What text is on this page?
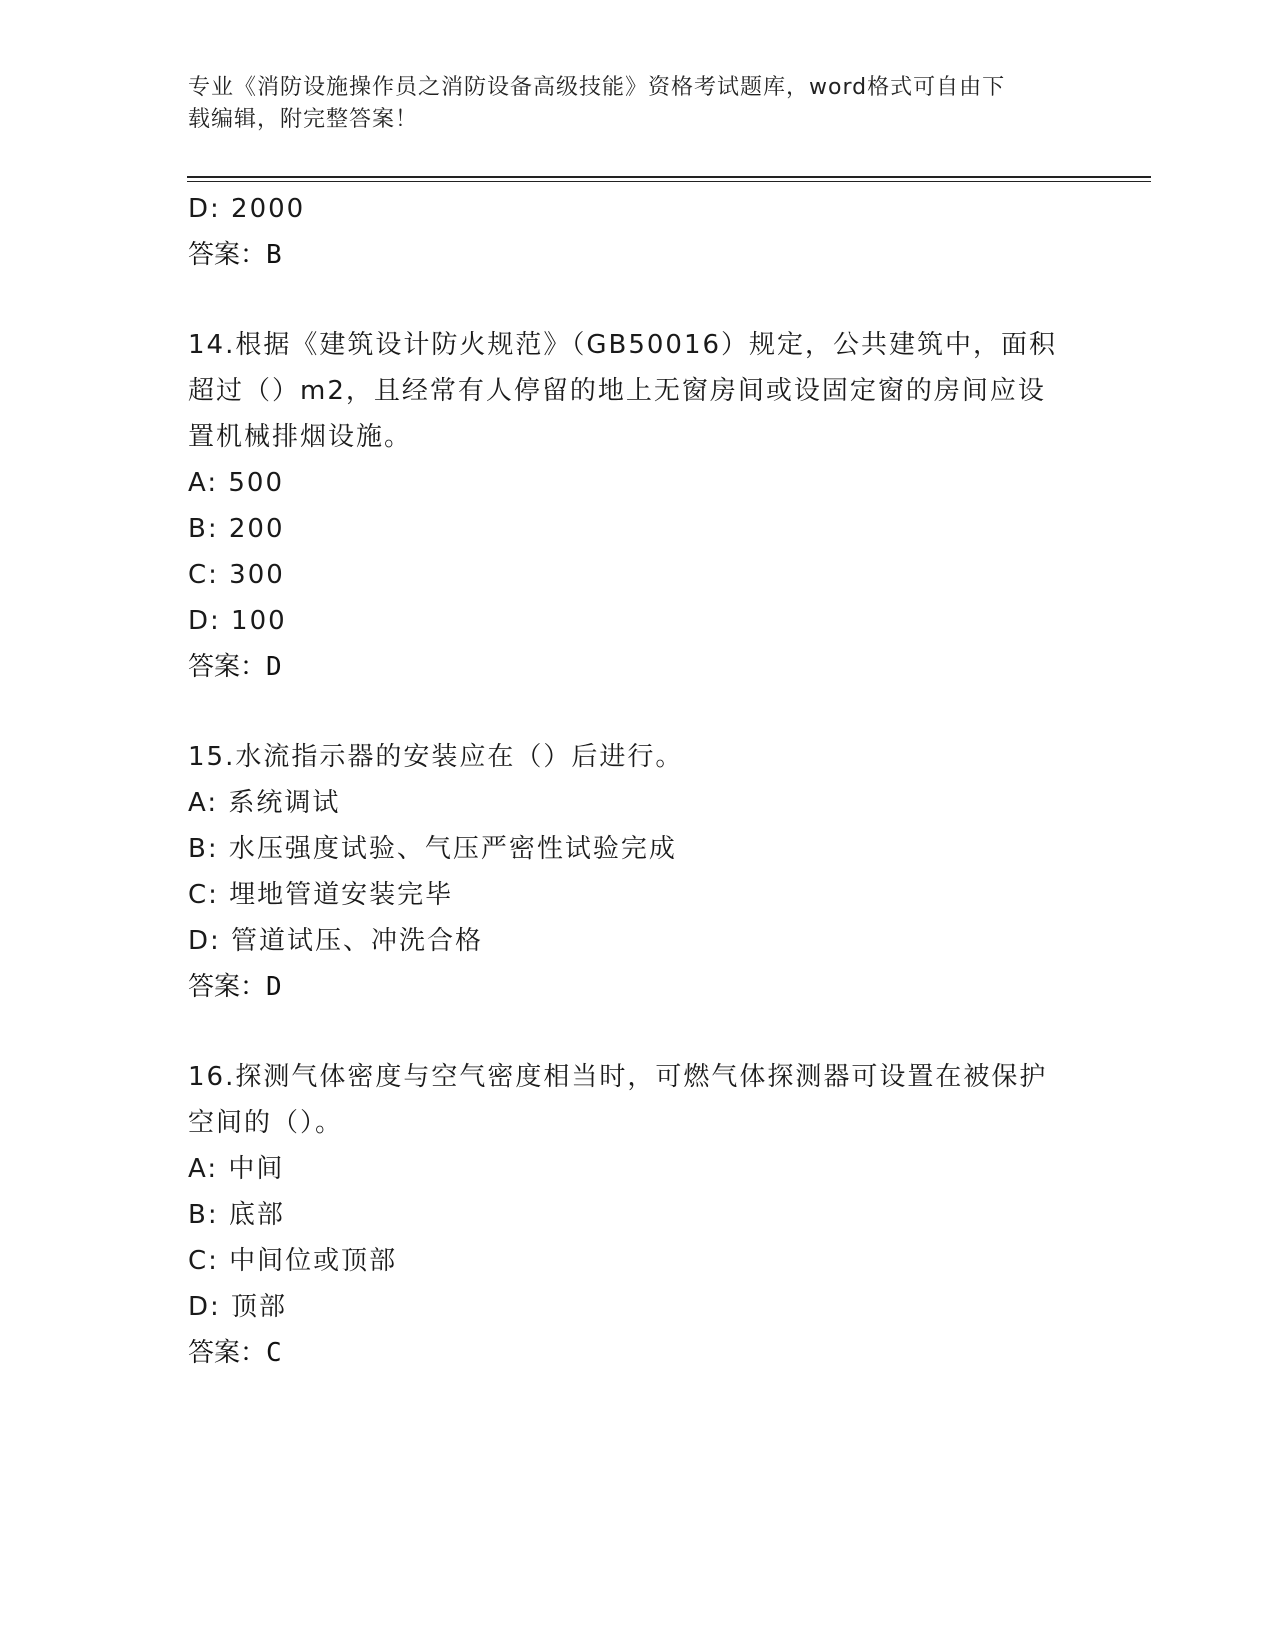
专业《消防设施操作员之消防设备高级技能》资格考试题库，word格式可自由下
载编辑，附完整答案！
D: 2000
答案：B
14.根据《建筑设计防火规范》（GB50016）规定，公共建筑中，面积
超过（）m2，且经常有人停留的地上无窗房间或设固定窗的房间应设
置机械排烟设施。
A: 500
B: 200
C: 300
D: 100
答案：D
15.水流指示器的安装应在（）后进行。
A: 系统调试
B: 水压强度试验、气压严密性试验完成
C: 埋地管道安装完毕
D: 管道试压、冲洗合格
答案：D
16.探测气体密度与空气密度相当时，可燃气体探测器可设置在被保护
空间的（）。
A: 中间
B: 底部
C: 中间位或顶部
D: 顶部
答案：C
